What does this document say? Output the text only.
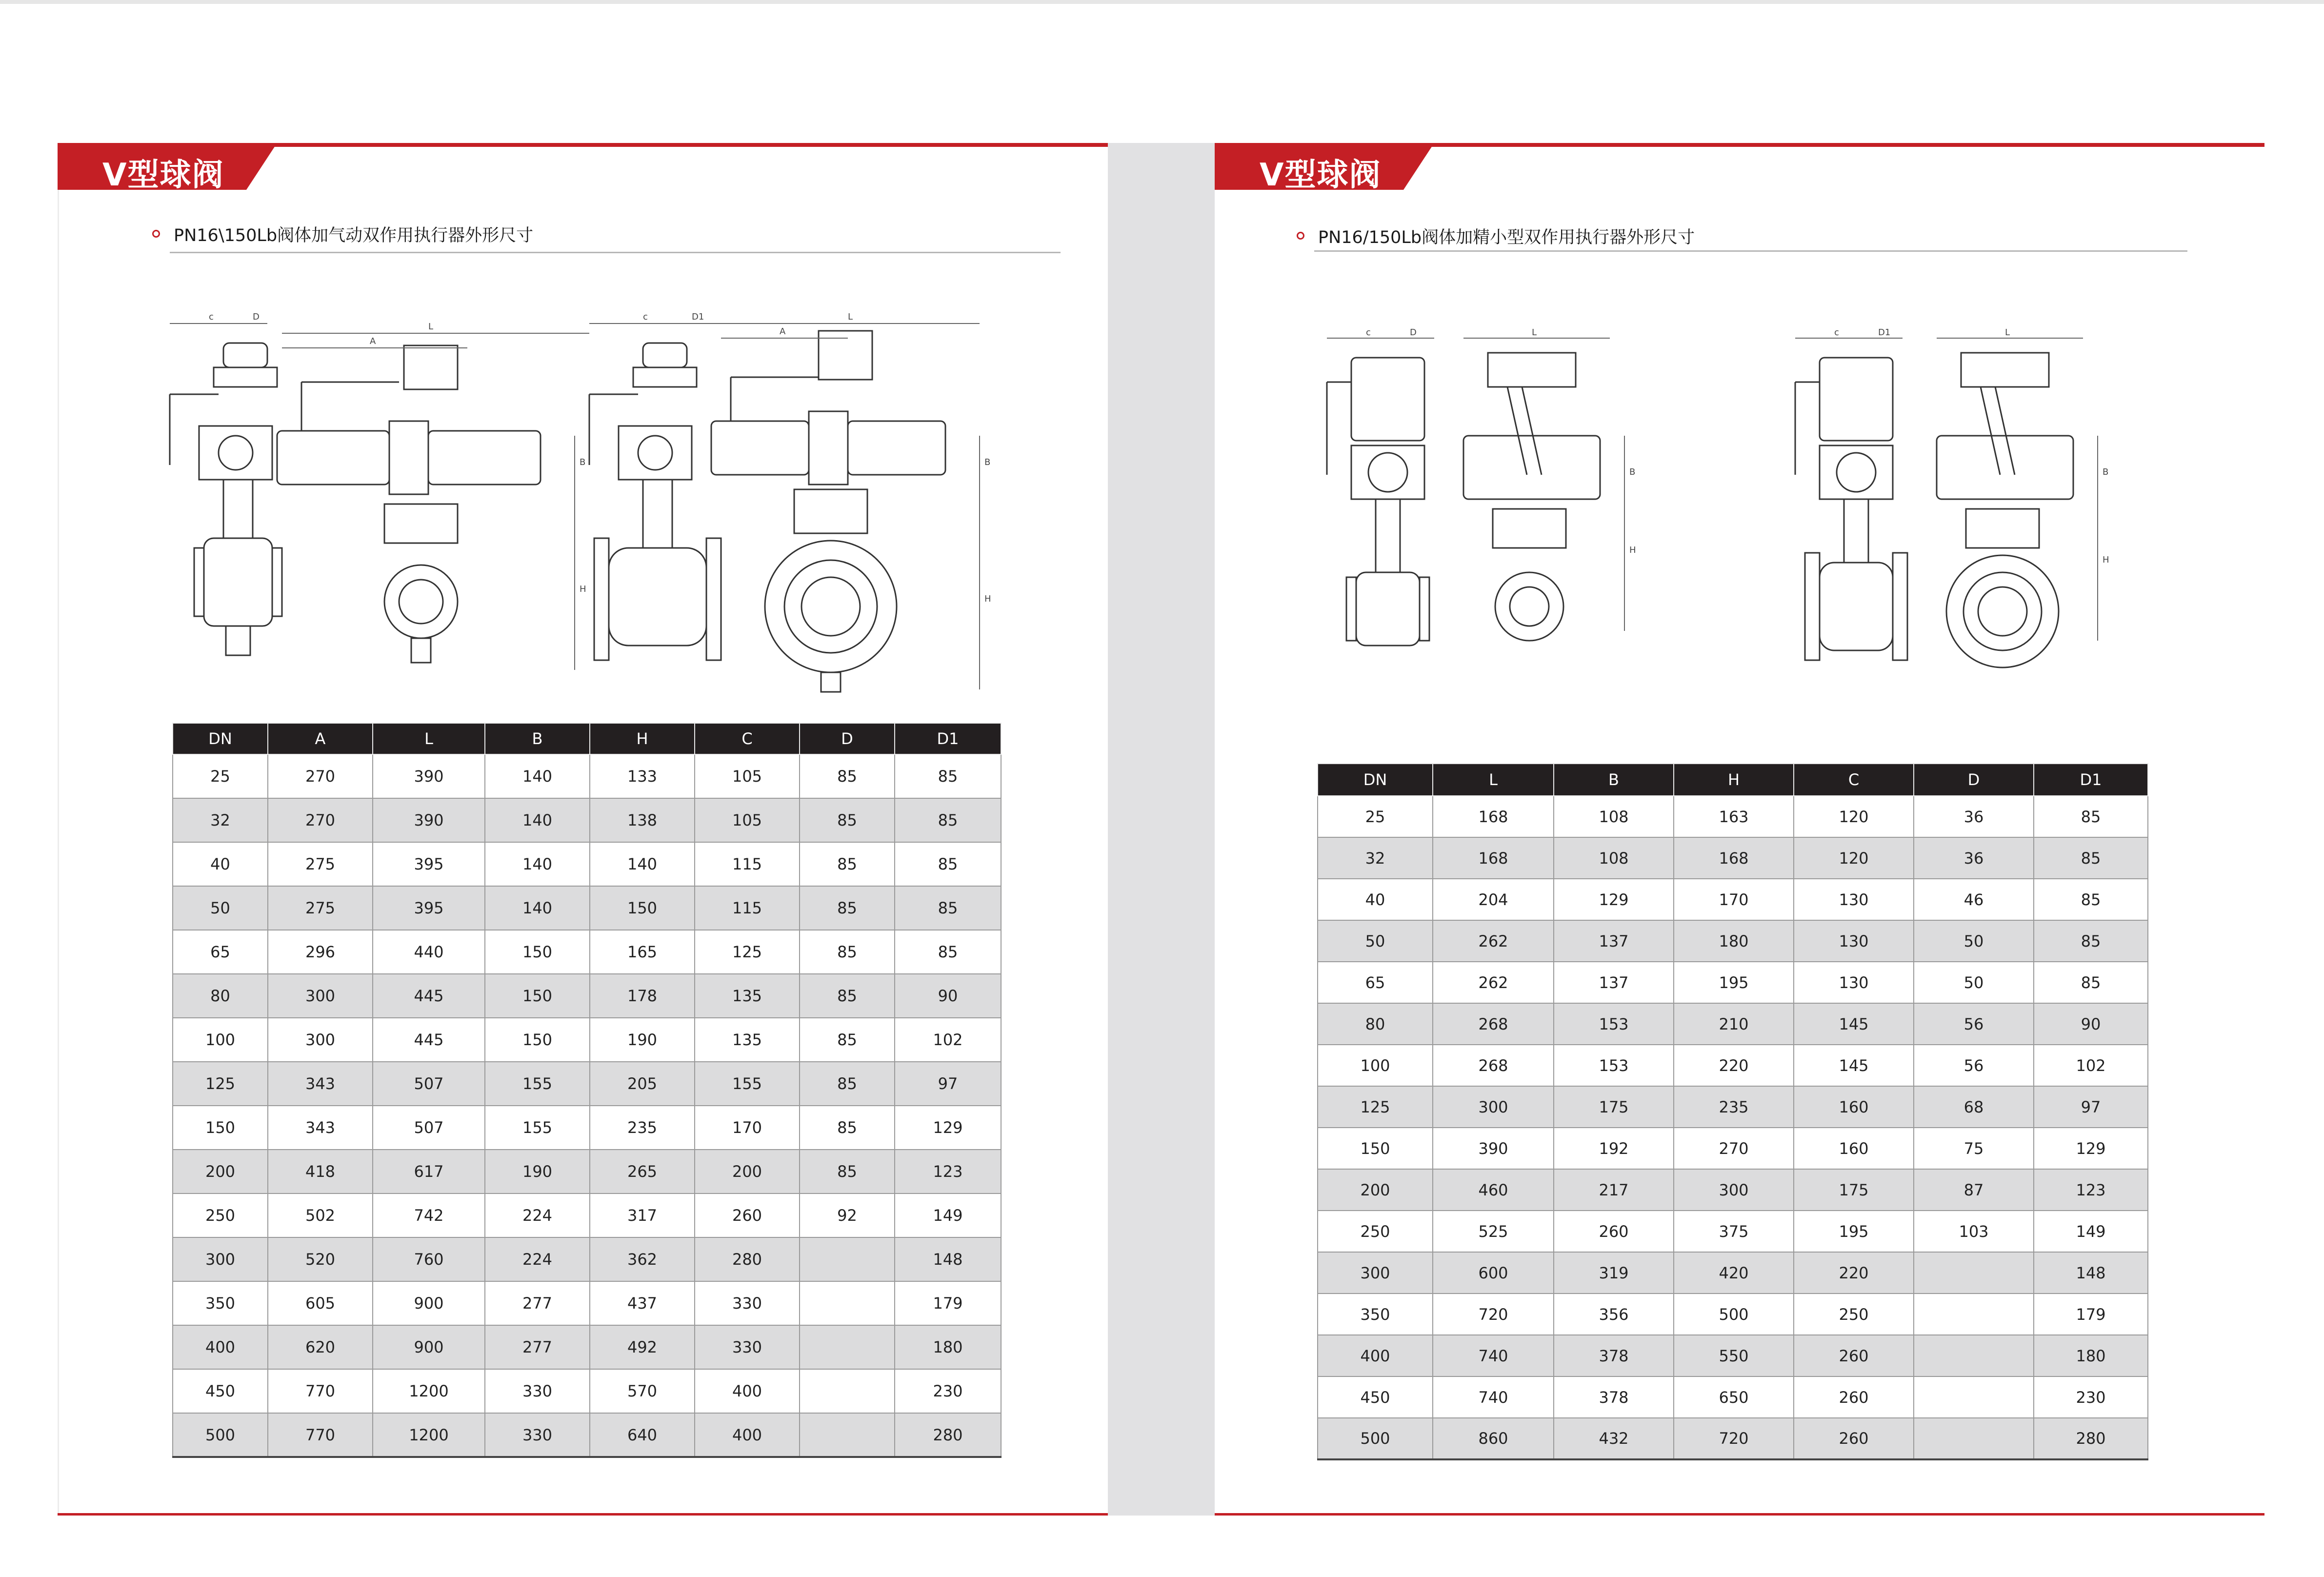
V型球阀
PN16\150Lb阀体加气动双作用执行器外形尺寸
c	D
L
A
B
H
c	D1	L
A
B
H
DN	A	L	B	H	C	D	D1
25	270	390	140	133	105	85	85
32	270	390	140	138	105	85	85
40	275	395	140	140	115	85	85
50	275	395	140	150	115	85	85
65	296	440	150	165	125	85	85
80	300	445	150	178	135	85	90
100	300	445	150	190	135	85	102
125	343	507	155	205	155	85	97
150	343	507	155	235	170	85	129
200	418	617	190	265	200	85	123
250	502	742	224	317	260	92	149
300	520	760	224	362	280		148
350	605	900	277	437	330		179
400	620	900	277	492	330		180
450	770	1200	330	570	400		230
500	770	1200	330	640	400		280
V型球阀
PN16/150Lb阀体加精小型双作用执行器外形尺寸
c	D	L
B
H
c	D1	L
B
H
DN	L	B	H	C	D	D1
25	168	108	163	120	36	85
32	168	108	168	120	36	85
40	204	129	170	130	46	85
50	262	137	180	130	50	85
65	262	137	195	130	50	85
80	268	153	210	145	56	90
100	268	153	220	145	56	102
125	300	175	235	160	68	97
150	390	192	270	160	75	129
200	460	217	300	175	87	123
250	525	260	375	195	103	149
300	600	319	420	220		148
350	720	356	500	250		179
400	740	378	550	260		180
450	740	378	650	260		230
500	860	432	720	260		280
